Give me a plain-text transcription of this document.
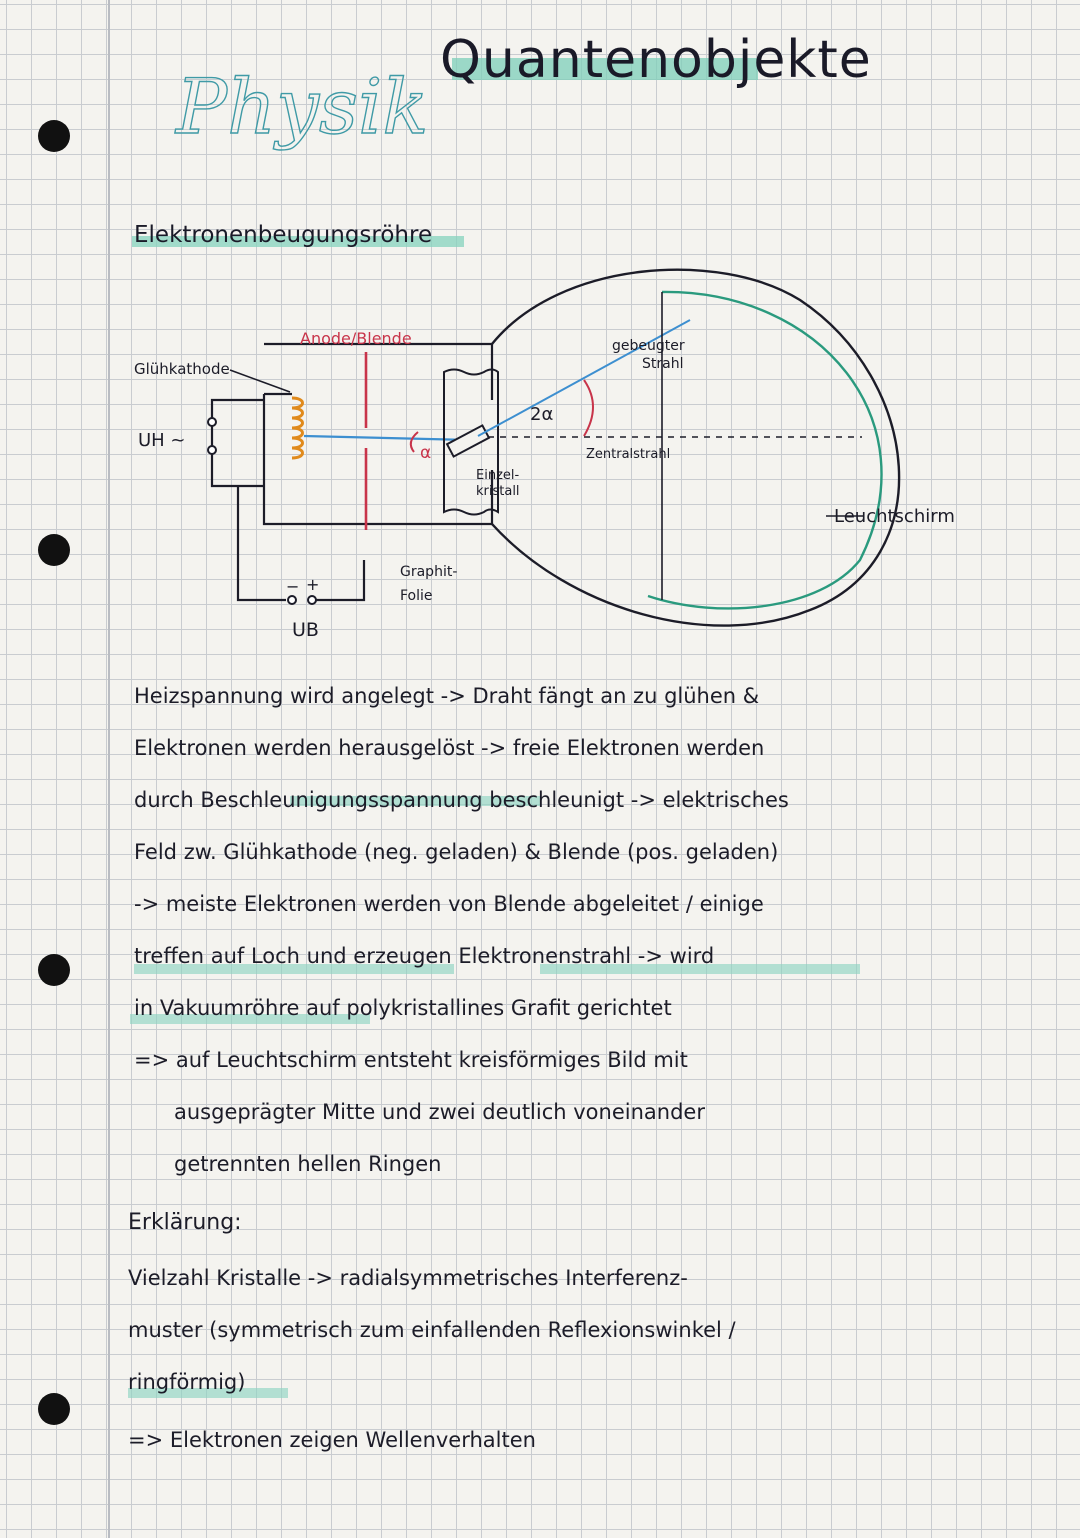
Physik
Quantenobjekte
Elektronenbeugungsröhre
Glühkathode
Anode/Blende
UH ~
− +
UB
α
2α
Einzel-
kristall
Graphit-
Folie
gebeugter
Strahl
Zentralstrahl
Leuchtschirm
Heizspannung wird angelegt -> Draht fängt an zu glühen &
Elektronen werden herausgelöst -> freie Elektronen werden
durch Beschleunigungsspannung beschleunigt -> elektrisches
Feld zw. Glühkathode (neg. geladen) & Blende (pos. geladen)
-> meiste Elektronen werden von Blende abgeleitet / einige
treffen auf Loch und erzeugen Elektronenstrahl -> wird
in Vakuumröhre auf polykristallines Grafit gerichtet
=> auf Leuchtschirm entsteht kreisförmiges Bild mit
ausgeprägter Mitte und zwei deutlich voneinander
getrennten hellen Ringen
Erklärung:
Vielzahl Kristalle -> radialsymmetrisches Interferenz-
muster (symmetrisch zum einfallenden Reflexionswinkel /
ringförmig)
=> Elektronen zeigen Wellenverhalten
